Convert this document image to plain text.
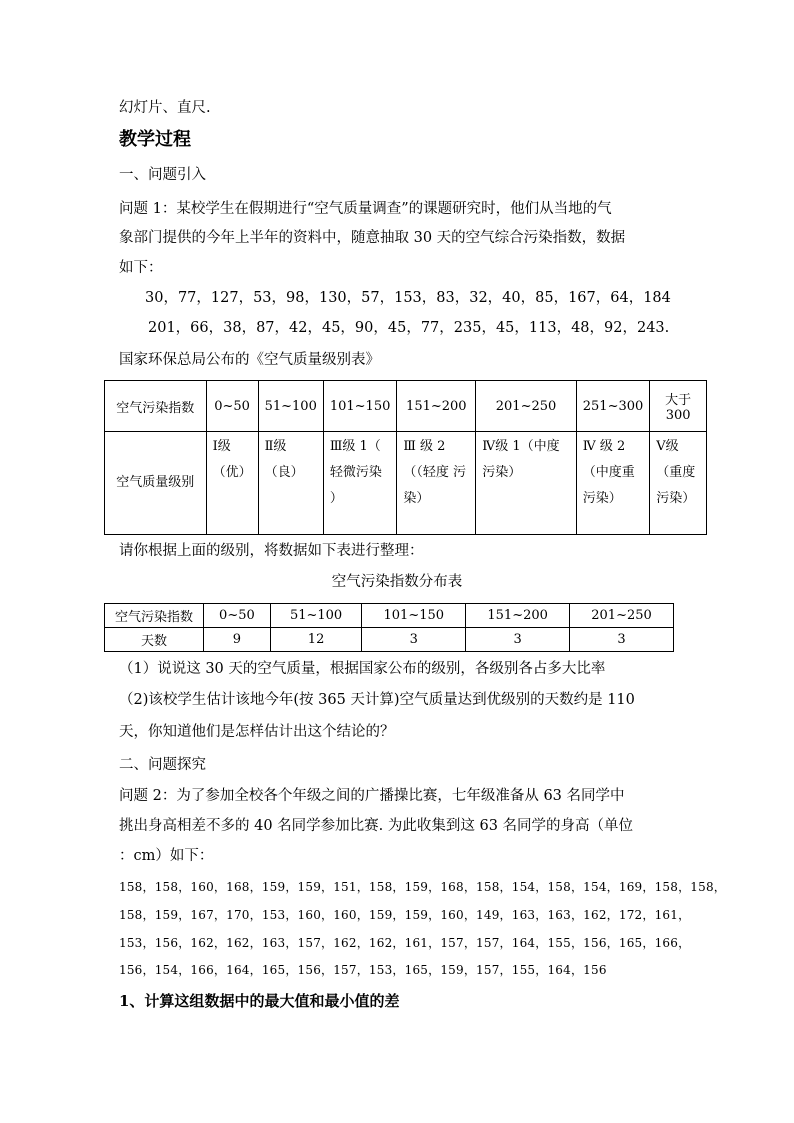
幻灯片、直尺.
教学过程
一、问题引入
问题 1：某校学生在假期进行“空气质量调查”的课题研究时，他们从当地的气
象部门提供的今年上半年的资料中，随意抽取 30 天的空气综合污染指数，数据
如下：
30，77，127，53，98，130，57，153，83，32，40，85，167，64，184
201，66，38，87，42，45，90，45，77，235，45，113，48，92，243.
国家环保总局公布的《空气质量级别表》
空气污染指数	0~50	51~100	101~150	151~200	201~250	251~300	大于 300
空气质量级别	Ⅰ级 （优）	Ⅱ级 （良）	Ⅲ级 1（ 轻微污染 ）	Ⅲ 级 2 （（轻度 污染）	Ⅳ级 1（中度 污染）	Ⅳ 级 2 （中度重 污染）	Ⅴ级 （重度 污染）
请你根据上面的级别，将数据如下表进行整理：
空气污染指数分布表
空气污染指数	0~50	51~100	101~150	151~200	201~250
天数	9	12	3	3	3
（1）说说这 30 天的空气质量，根据国家公布的级别，各级别各占多大比率
（2)该校学生估计该地今年(按 365 天计算)空气质量达到优级别的天数约是 110
天，你知道他们是怎样估计出这个结论的？
二、问题探究
问题 2：为了参加全校各个年级之间的广播操比赛，七年级准备从 63 名同学中
挑出身高相差不多的 40 名同学参加比赛. 为此收集到这 63 名同学的身高（单位
：cm）如下：
158，158，160，168，159，159，151，158，159，168，158，154，158，154，169，158，158，
158，159，167，170，153，160，160，159，159，160，149，163，163，162，172，161，
153，156，162，162，163，157，162，162，161，157，157，164，155，156，165，166，
156，154，166，164，165，156，157，153，165，159，157，155，164，156
1、计算这组数据中的最大值和最小值的差
